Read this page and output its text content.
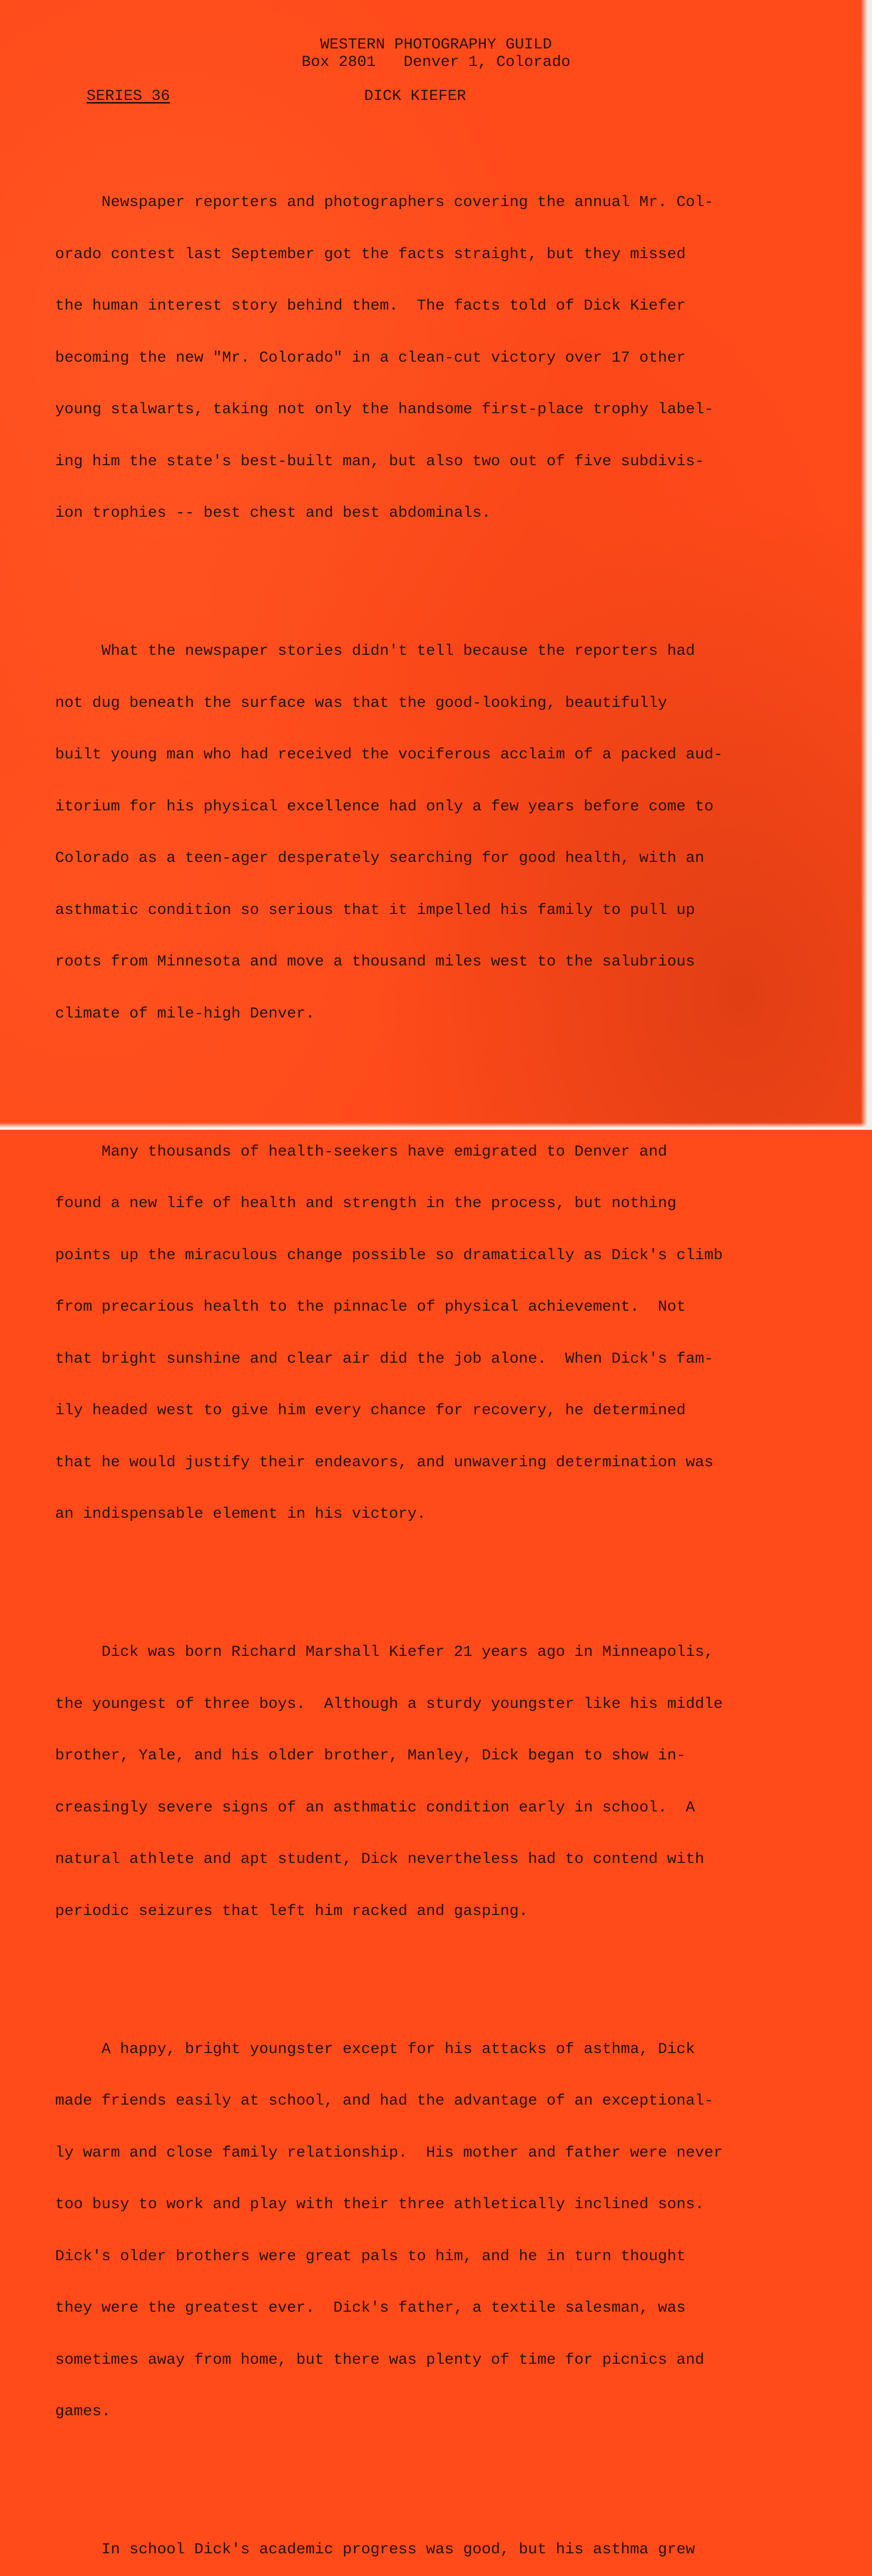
WESTERN PHOTOGRAPHY GUILD
Box 2801   Denver 1, Colorado
SERIES 36	DICK KIEFER

Newspaper reporters and photographers covering the annual Mr. Col-

orado contest last September got the facts straight, but they missed

the human interest story behind them.  The facts told of Dick Kiefer

becoming the new "Mr. Colorado" in a clean-cut victory over 17 other

young stalwarts, taking not only the handsome first-place trophy label-

ing him the state's best-built man, but also two out of five subdivis-

ion trophies -- best chest and best abdominals.

What the newspaper stories didn't tell because the reporters had

not dug beneath the surface was that the good-looking, beautifully

built young man who had received the vociferous acclaim of a packed aud-

itorium for his physical excellence had only a few years before come to

Colorado as a teen-ager desperately searching for good health, with an

asthmatic condition so serious that it impelled his family to pull up

roots from Minnesota and move a thousand miles west to the salubrious

climate of mile-high Denver.

Many thousands of health-seekers have emigrated to Denver and

found a new life of health and strength in the process, but nothing

points up the miraculous change possible so dramatically as Dick's climb

from precarious health to the pinnacle of physical achievement.  Not

that bright sunshine and clear air did the job alone.  When Dick's fam-

ily headed west to give him every chance for recovery, he determined

that he would justify their endeavors, and unwavering determination was

an indispensable element in his victory.

Dick was born Richard Marshall Kiefer 21 years ago in Minneapolis,

the youngest of three boys.  Although a sturdy youngster like his middle

brother, Yale, and his older brother, Manley, Dick began to show in-

creasingly severe signs of an asthmatic condition early in school.  A

natural athlete and apt student, Dick nevertheless had to contend with

periodic seizures that left him racked and gasping.

A happy, bright youngster except for his attacks of asthma, Dick

made friends easily at school, and had the advantage of an exceptional-

ly warm and close family relationship.  His mother and father were never

too busy to work and play with their three athletically inclined sons.

Dick's older brothers were great pals to him, and he in turn thought

they were the greatest ever.  Dick's father, a textile salesman, was

sometimes away from home, but there was plenty of time for picnics and

games.

In school Dick's academic progress was good, but his asthma grew
